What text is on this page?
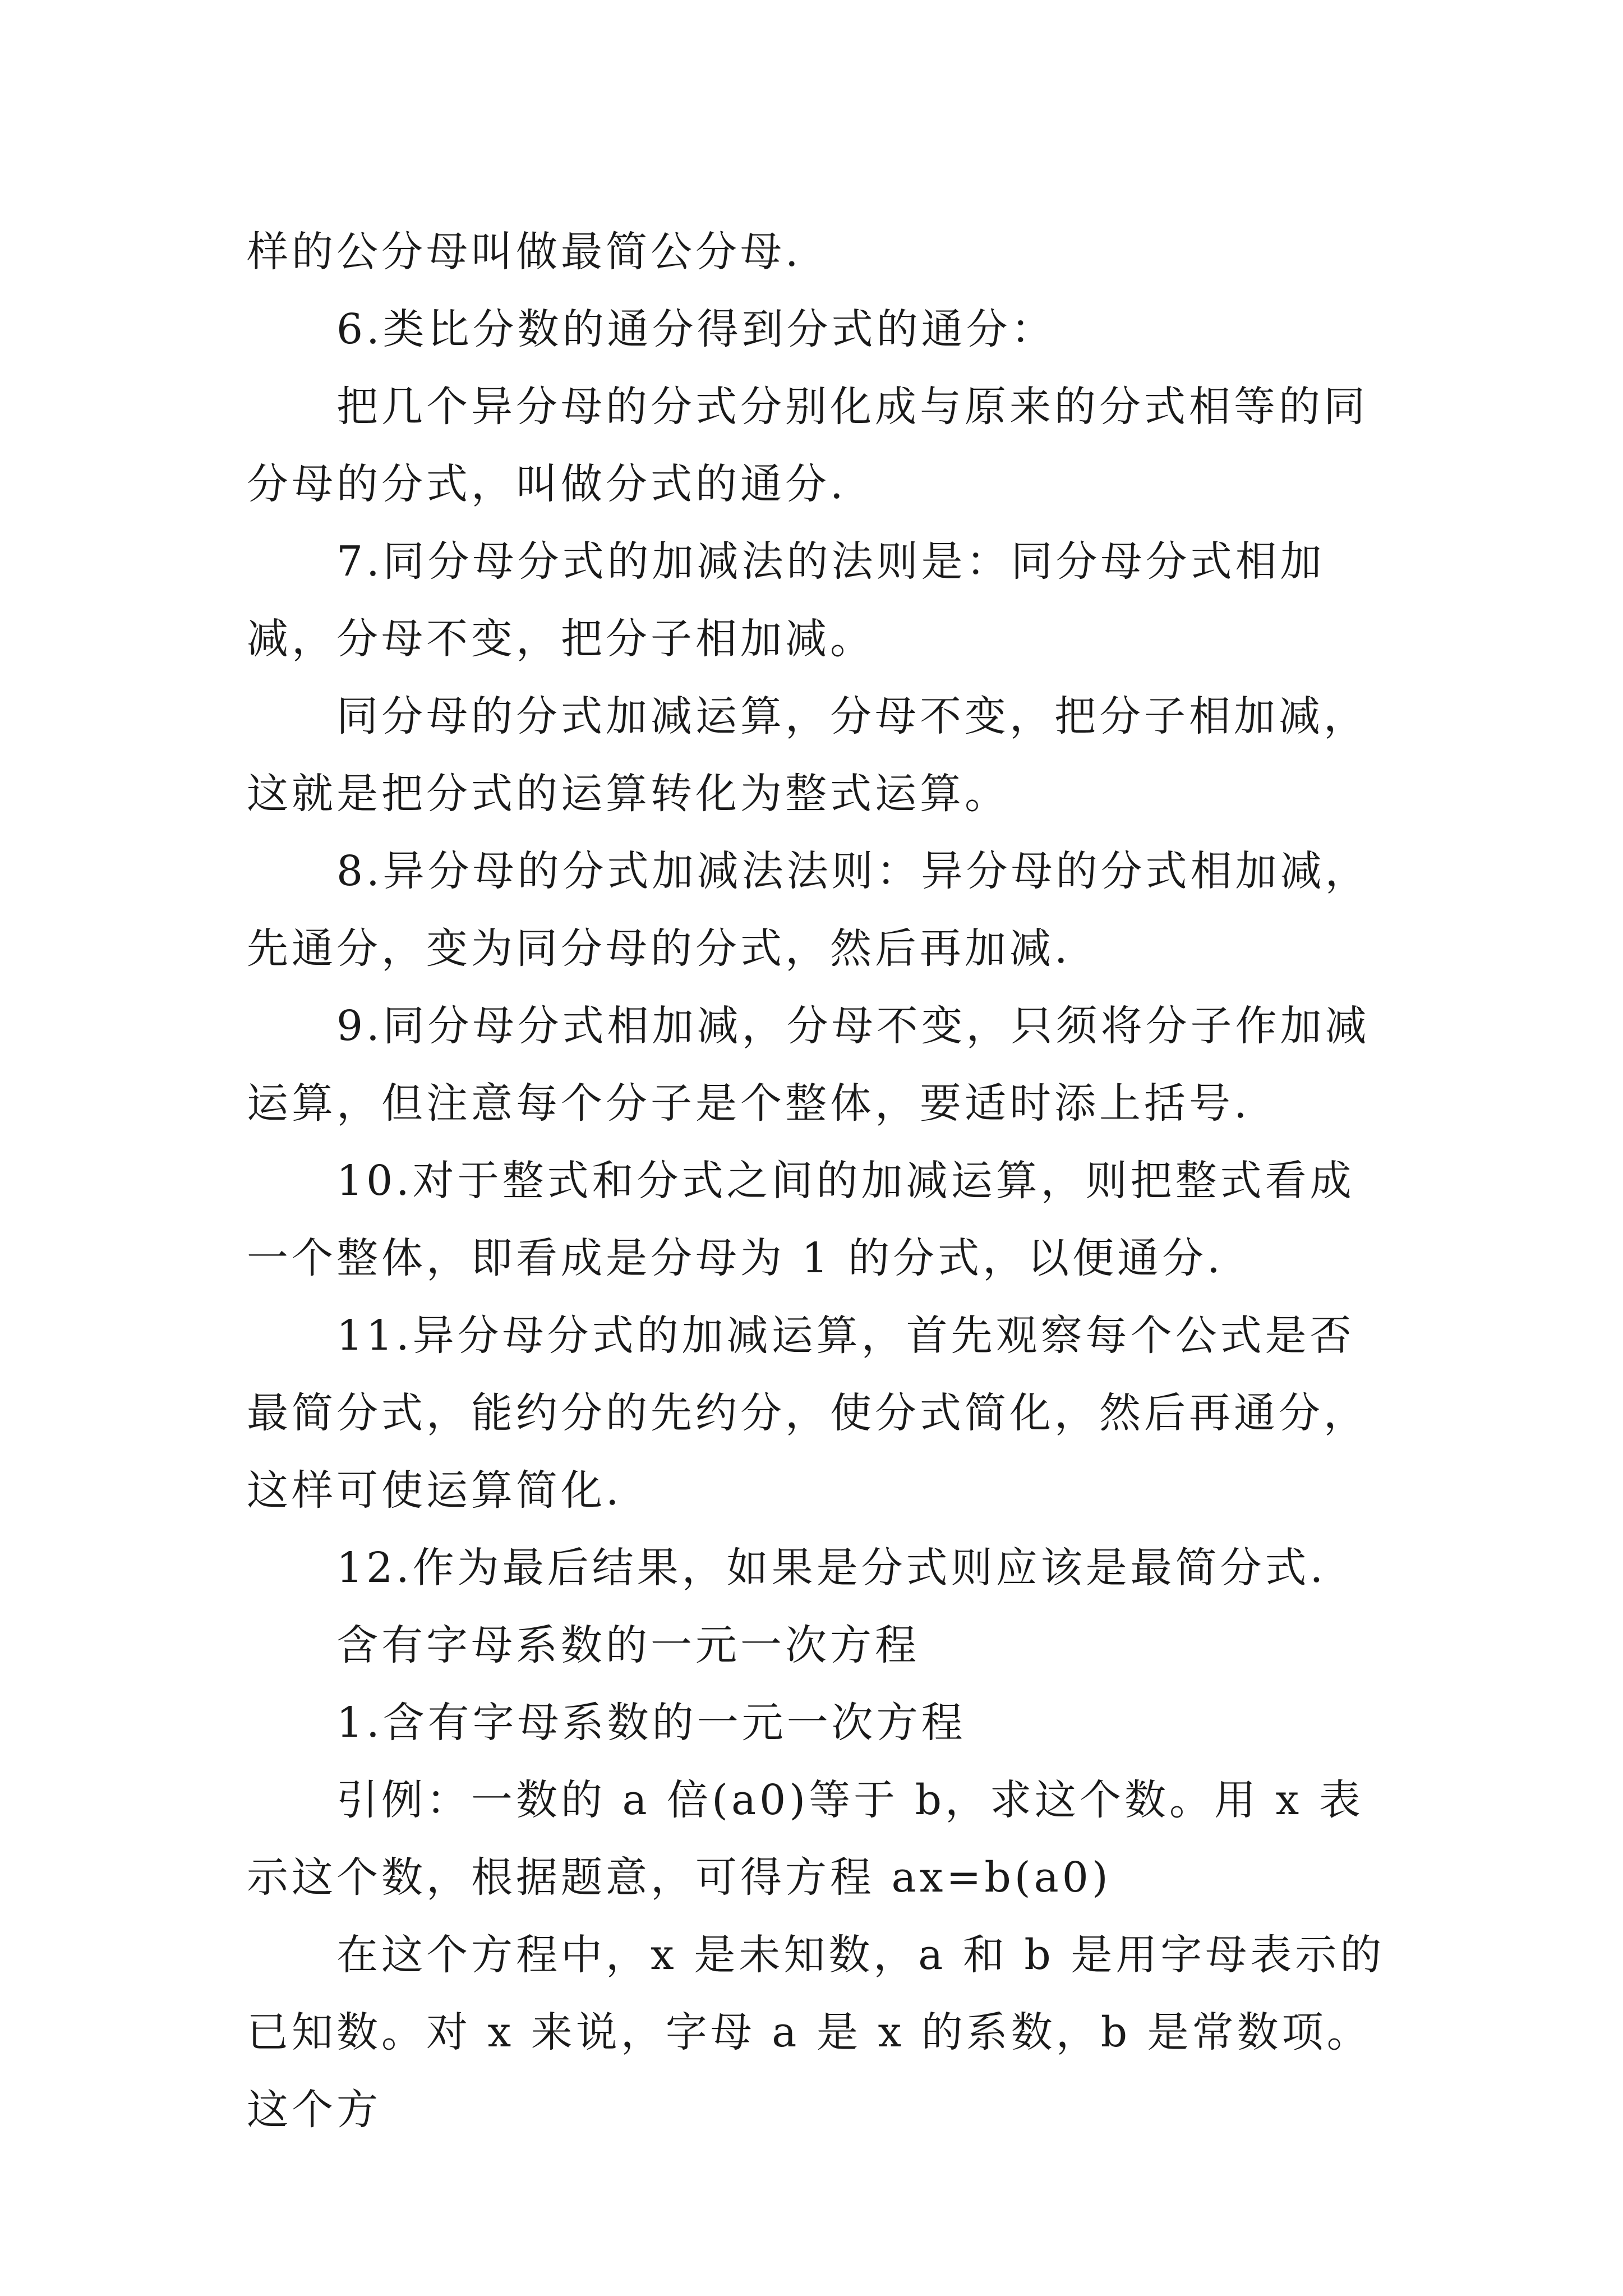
样的公分母叫做最简公分母.

6.类比分数的通分得到分式的通分：

把几个异分母的分式分别化成与原来的分式相等的同分母的分式，叫做分式的通分.

7.同分母分式的加减法的法则是：同分母分式相加减，分母不变，把分子相加减。

同分母的分式加减运算，分母不变，把分子相加减，这就是把分式的运算转化为整式运算。

8.异分母的分式加减法法则：异分母的分式相加减，先通分，变为同分母的分式，然后再加减.

9.同分母分式相加减，分母不变，只须将分子作加减运算，但注意每个分子是个整体，要适时添上括号.

10.对于整式和分式之间的加减运算，则把整式看成一个整体，即看成是分母为 1 的分式，以便通分.

11.异分母分式的加减运算，首先观察每个公式是否最简分式，能约分的先约分，使分式简化，然后再通分，这样可使运算简化.

12.作为最后结果，如果是分式则应该是最简分式.

含有字母系数的一元一次方程

1.含有字母系数的一元一次方程

引例：一数的 a 倍(a0)等于 b，求这个数。用 x 表示这个数，根据题意，可得方程 ax=b(a0)

在这个方程中，x 是未知数，a 和 b 是用字母表示的已知数。对 x 来说，字母 a 是 x 的系数，b 是常数项。这个方
